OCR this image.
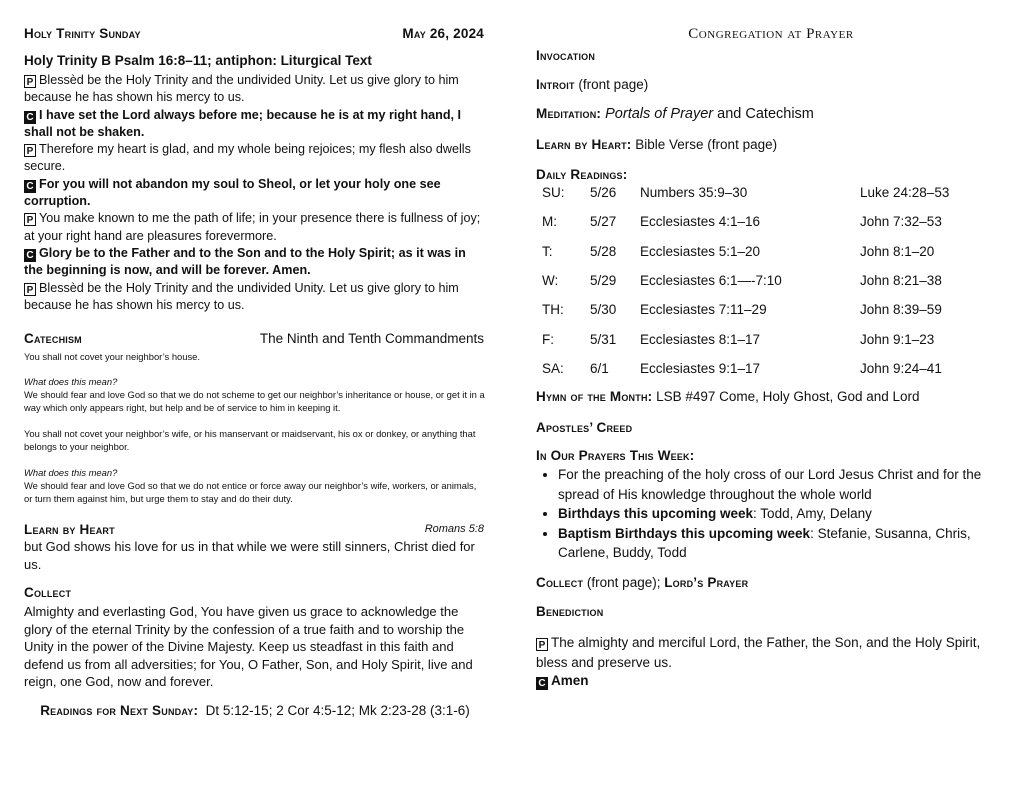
Holy Trinity Sunday	May 26, 2024
Holy Trinity B Psalm 16:8–11; antiphon: Liturgical Text

P Blessèd be the Holy Trinity and the undivided Unity. Let us give glory to him because he has shown his mercy to us.

C I have set the Lord always before me; because he is at my right hand, I shall not be shaken.

P Therefore my heart is glad, and my whole being rejoices; my flesh also dwells secure.

C For you will not abandon my soul to Sheol, or let your holy one see corruption.

P You make known to me the path of life; in your presence there is fullness of joy; at your right hand are pleasures forevermore.

C Glory be to the Father and to the Son and to the Holy Spirit; as it was in the beginning is now, and will be forever. Amen.

P Blessèd be the Holy Trinity and the undivided Unity. Let us give glory to him because he has shown his mercy to us.

Catechism	The Ninth and Tenth Commandments
You shall not covet your neighbor’s house.
What does this mean?
We should fear and love God so that we do not scheme to get our neighbor’s inheritance or house, or get it in a way which only appears right, but help and be of service to him in keeping it.
You shall not covet your neighbor’s wife, or his manservant or maidservant, his ox or donkey, or anything that belongs to your neighbor.
What does this mean?
We should fear and love God so that we do not entice or force away our neighbor’s wife, workers, or animals, or turn them against him, but urge them to stay and do their duty.
Learn by Heart	Romans 5:8
but God shows his love for us in that while we were still sinners, Christ died for us.
Collect
Almighty and everlasting God, You have given us grace to acknowledge the glory of the eternal Trinity by the confession of a true faith and to worship the Unity in the power of the Divine Majesty. Keep us steadfast in this faith and defend us from all adversities; for You, O Father, Son, and Holy Spirit, live and reign, one God, now and forever.
Readings for Next Sunday: Dt 5:12-15; 2 Cor 4:5-12; Mk 2:23-28 (3:1-6)
Congregation at Prayer
Invocation
Introit (front page)
Meditation: Portals of Prayer and Catechism
Learn by Heart: Bible Verse (front page)
Daily Readings:
SU:	5/26	Numbers 35:9–30	Luke 24:28–53
M:	5/27	Ecclesiastes 4:1–16	John 7:32–53
T:	5/28	Ecclesiastes 5:1–20	John 8:1–20
W:	5/29	Ecclesiastes 6:1—‑7:10	John 8:21–38
TH:	5/30	Ecclesiastes 7:11–29	John 8:39–59
F:	5/31	Ecclesiastes 8:1–17	John 9:1–23
SA:	6/1	Ecclesiastes 9:1–17	John 9:24–41
Hymn of the Month: LSB #497 Come, Holy Ghost, God and Lord
Apostles’ Creed
In Our Prayers This Week:
• For the preaching of the holy cross of our Lord Jesus Christ and for the spread of His knowledge throughout the whole world
• Birthdays this upcoming week: Todd, Amy, Delany
• Baptism Birthdays this upcoming week: Stefanie, Susanna, Chris, Carlene, Buddy, Todd
Collect (front page); Lord’s Prayer
Benediction
P The almighty and merciful Lord, the Father, the Son, and the Holy Spirit, bless and preserve us.
C Amen
